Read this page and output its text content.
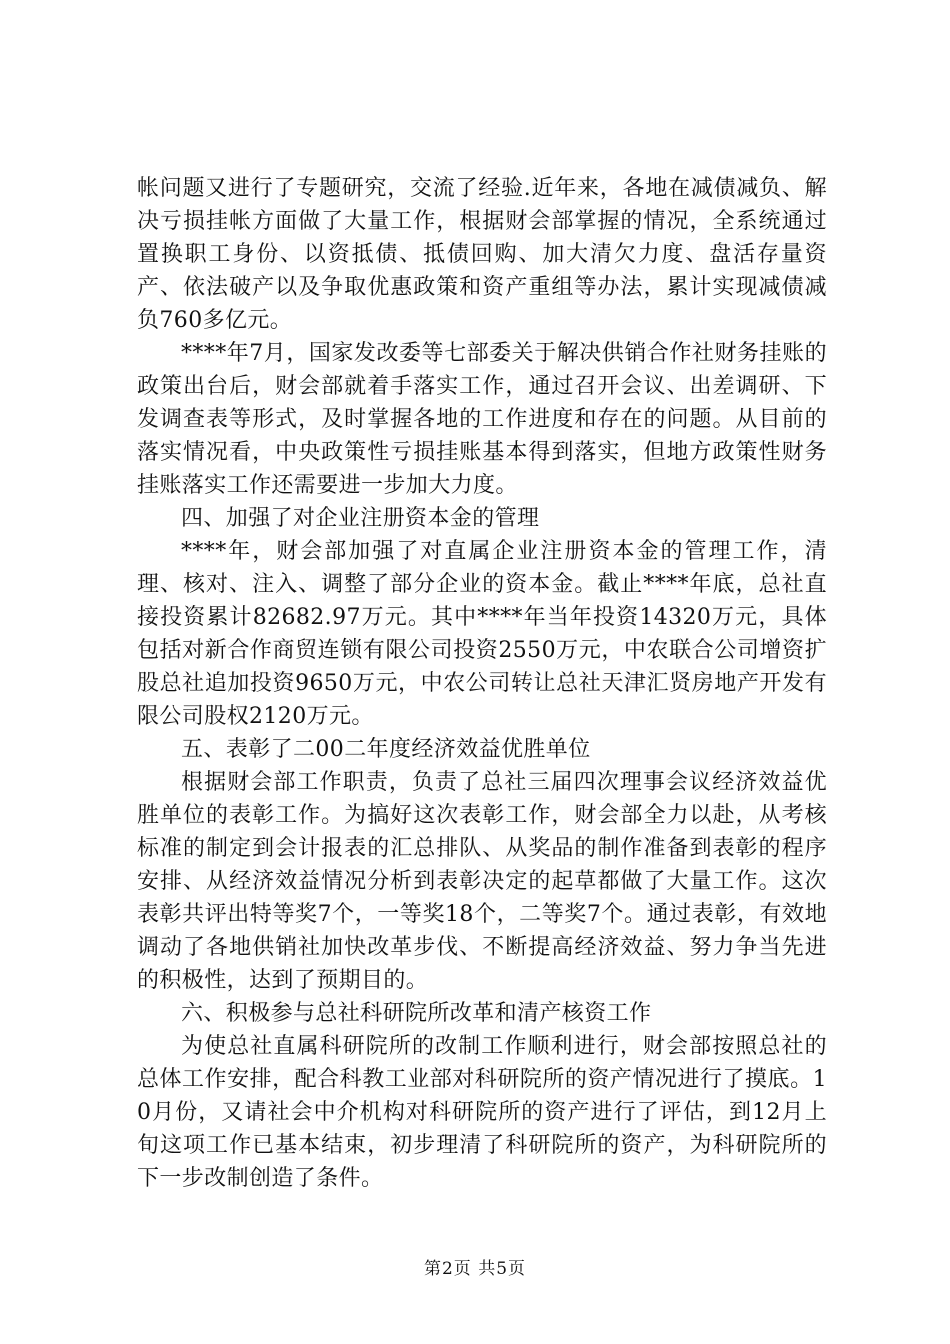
帐问题又进行了专题研究，交流了经验.近年来，各地在减债减负、解决亏损挂帐方面做了大量工作，根据财会部掌握的情况，全系统通过置换职工身份、以资抵债、抵债回购、加大清欠力度、盘活存量资产、依法破产以及争取优惠政策和资产重组等办法，累计实现减债减负760多亿元。

****年7月，国家发改委等七部委关于解决供销合作社财务挂账的政策出台后，财会部就着手落实工作，通过召开会议、出差调研、下发调查表等形式，及时掌握各地的工作进度和存在的问题。从目前的落实情况看，中央政策性亏损挂账基本得到落实，但地方政策性财务挂账落实工作还需要进一步加大力度。

四、加强了对企业注册资本金的管理

****年，财会部加强了对直属企业注册资本金的管理工作，清理、核对、注入、调整了部分企业的资本金。截止****年底，总社直接投资累计82682.97万元。其中****年当年投资14320万元，具体包括对新合作商贸连锁有限公司投资2550万元，中农联合公司增资扩股总社追加投资9650万元，中农公司转让总社天津汇贤房地产开发有限公司股权2120万元。

五、表彰了二00二年度经济效益优胜单位

根据财会部工作职责，负责了总社三届四次理事会议经济效益优胜单位的表彰工作。为搞好这次表彰工作，财会部全力以赴，从考核标准的制定到会计报表的汇总排队、从奖品的制作准备到表彰的程序安排、从经济效益情况分析到表彰决定的起草都做了大量工作。这次表彰共评出特等奖7个，一等奖18个，二等奖7个。通过表彰，有效地调动了各地供销社加快改革步伐、不断提高经济效益、努力争当先进的积极性，达到了预期目的。

六、积极参与总社科研院所改革和清产核资工作

为使总社直属科研院所的改制工作顺利进行，财会部按照总社的总体工作安排，配合科教工业部对科研院所的资产情况进行了摸底。10月份，又请社会中介机构对科研院所的资产进行了评估，到12月上旬这项工作已基本结束，初步理清了科研院所的资产，为科研院所的下一步改制创造了条件。

第2页 共5页
